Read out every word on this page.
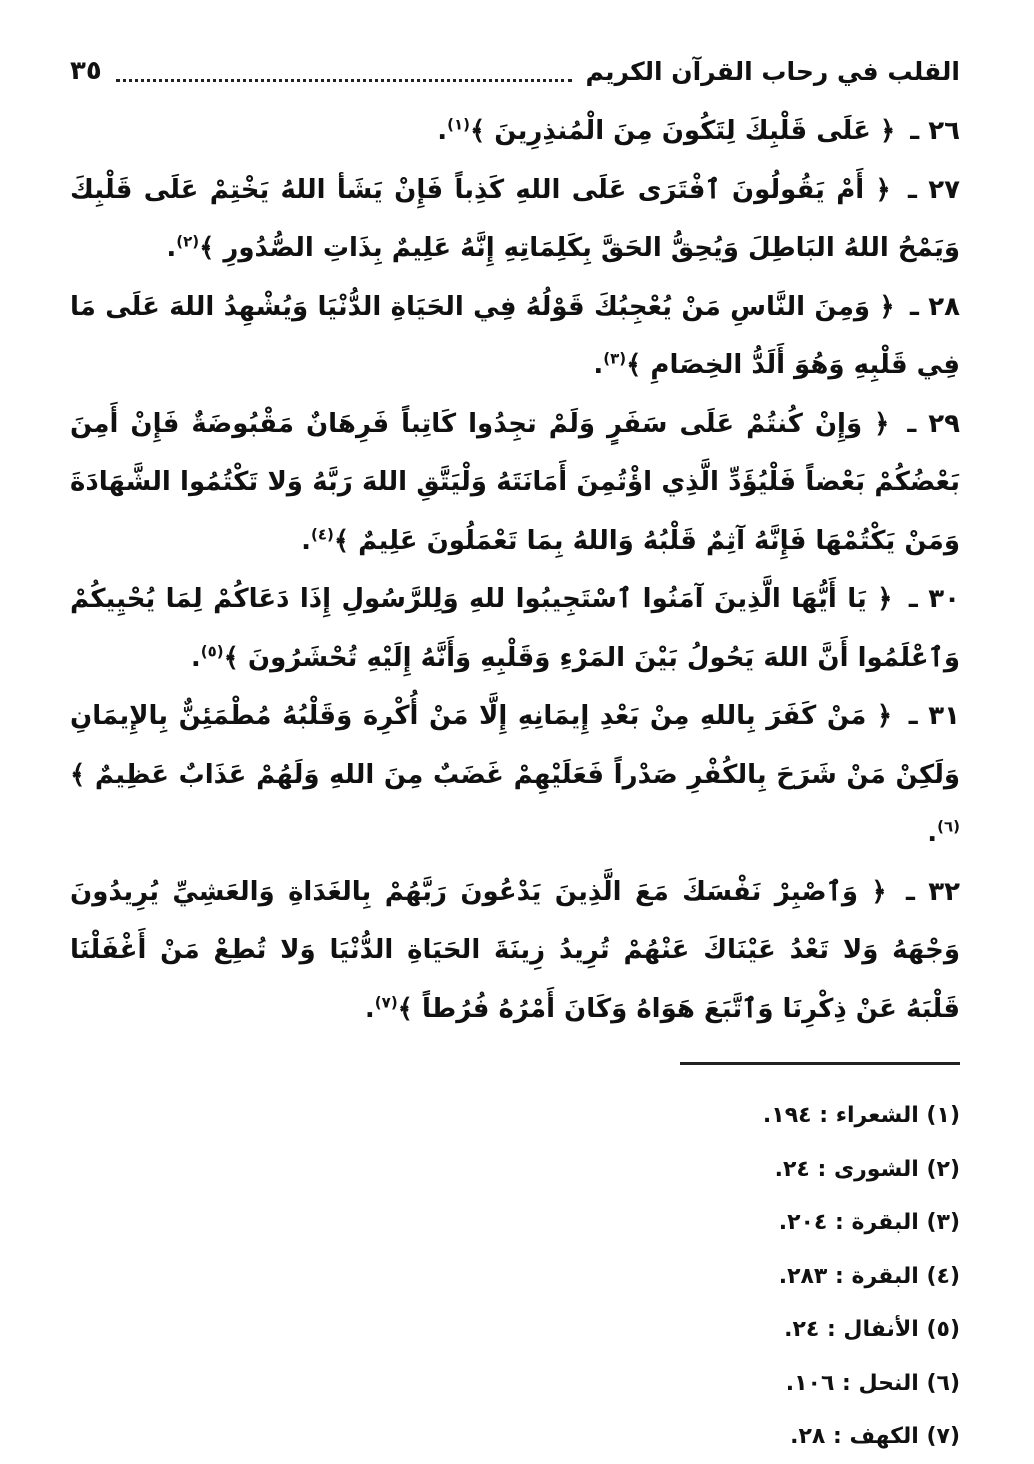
القلب في رحاب القرآن الكريم
٣٥

٢٦ ـ ﴿ عَلَى قَلْبِكَ لِتَكُونَ مِنَ الْمُنذِرِينَ ﴾$^{(١)}$.

٢٧ ـ ﴿ أَمْ يَقُولُونَ ٱفْتَرَى عَلَى اللهِ كَذِباً فَإِنْ يَشَأ اللهُ يَخْتِمْ عَلَى قَلْبِكَ وَيَمْحُ اللهُ البَاطِلَ وَيُحِقُّ الحَقَّ بِكَلِمَاتِهِ إِنَّهُ عَلِيمٌ بِذَاتِ الصُّدُورِ ﴾$^{(٢)}$.

٢٨ ـ ﴿ وَمِنَ النَّاسِ مَنْ يُعْجِبُكَ قَوْلُهُ فِي الحَيَاةِ الدُّنْيَا وَيُشْهِدُ اللهَ عَلَى مَا فِي قَلْبِهِ وَهُوَ أَلَدُّ الخِصَامِ ﴾$^{(٣)}$.

٢٩ ـ ﴿ وَإِنْ كُنتُمْ عَلَى سَفَرٍ وَلَمْ تجِدُوا كَاتِباً فَرِهَانٌ مَقْبُوضَةٌ فَإِنْ أَمِنَ بَعْضُكُمْ بَعْضاً فَلْيُؤَدِّ الَّذِي اؤْتُمِنَ أَمَانَتَهُ وَلْيَتَّقِ اللهَ رَبَّهُ وَلا تَكْتُمُوا الشَّهَادَةَ وَمَنْ يَكْتُمْهَا فَإِنَّهُ آثِمٌ قَلْبُهُ وَاللهُ بِمَا تَعْمَلُونَ عَلِيمٌ ﴾$^{(٤)}$.

٣٠ ـ ﴿ يَا أَيُّهَا الَّذِينَ آمَنُوا ٱسْتَجِيبُوا للهِ وَلِلرَّسُولِ إِذَا دَعَاكُمْ لِمَا يُحْيِيكُمْ وَٱعْلَمُوا أَنَّ اللهَ يَحُولُ بَيْنَ المَرْءِ وَقَلْبِهِ وَأَنَّهُ إِلَيْهِ تُحْشَرُونَ ﴾$^{(٥)}$.

٣١ ـ ﴿ مَنْ كَفَرَ بِاللهِ مِنْ بَعْدِ إِيمَانِهِ إِلَّا مَنْ أُكْرِهَ وَقَلْبُهُ مُطْمَئِنٌّ بِالإِيمَانِ وَلَكِنْ مَنْ شَرَحَ بِالكُفْرِ صَدْراً فَعَلَيْهِمْ غَضَبٌ مِنَ اللهِ وَلَهُمْ عَذَابٌ عَظِيمٌ ﴾$^{(٦)}$.

٣٢ ـ ﴿ وَٱصْبِرْ نَفْسَكَ مَعَ الَّذِينَ يَدْعُونَ رَبَّهُمْ بِالغَدَاةِ وَالعَشِيِّ يُرِيدُونَ وَجْهَهُ وَلا تَعْدُ عَيْنَاكَ عَنْهُمْ تُرِيدُ زِينَةَ الحَيَاةِ الدُّنْيَا وَلا تُطِعْ مَنْ أَغْفَلْنَا قَلْبَهُ عَنْ ذِكْرِنَا وَٱتَّبَعَ هَوَاهُ وَكَانَ أَمْرُهُ فُرُطاً ﴾$^{(٧)}$.

(١) الشعراء : ١٩٤.

(٢) الشورى : ٢٤.

(٣) البقرة : ٢٠٤.

(٤) البقرة : ٢٨٣.

(٥) الأنفال : ٢٤.

(٦) النحل : ١٠٦.

(٧) الكهف : ٢٨.
